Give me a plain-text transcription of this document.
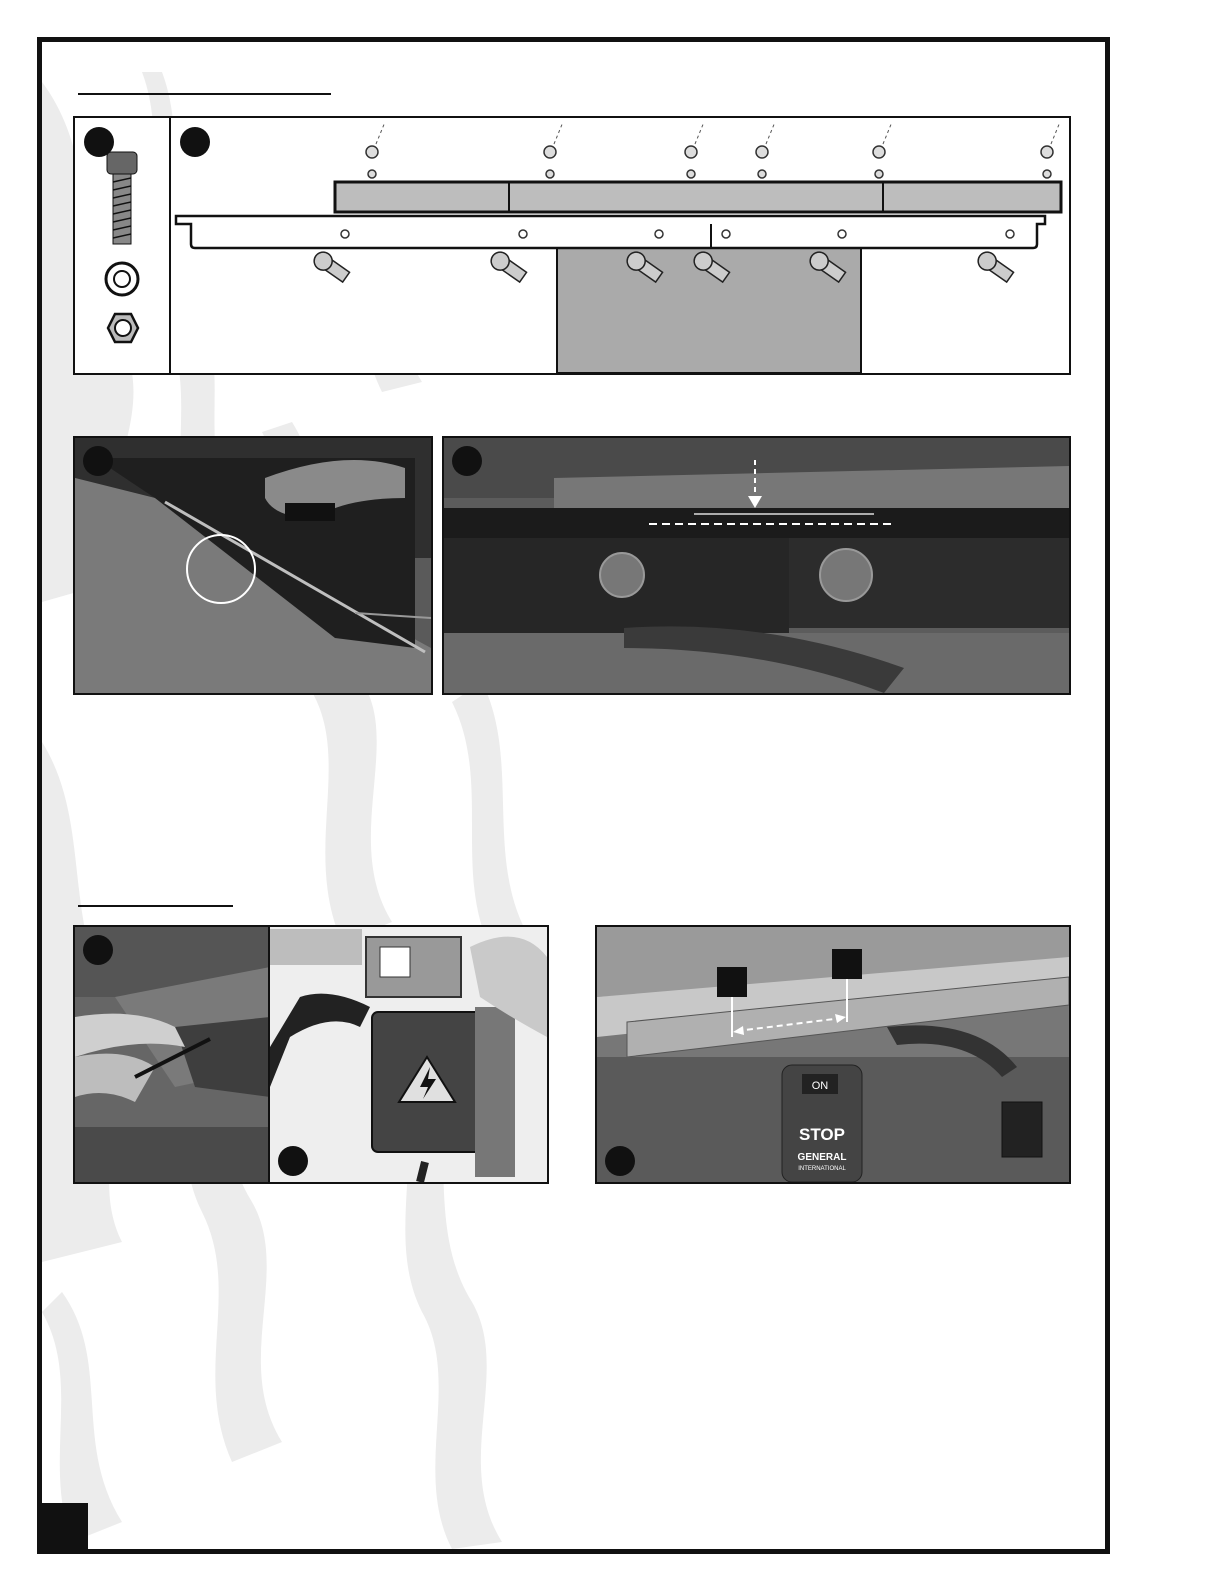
ON
STOP
GENERAL
INTERNATIONAL
